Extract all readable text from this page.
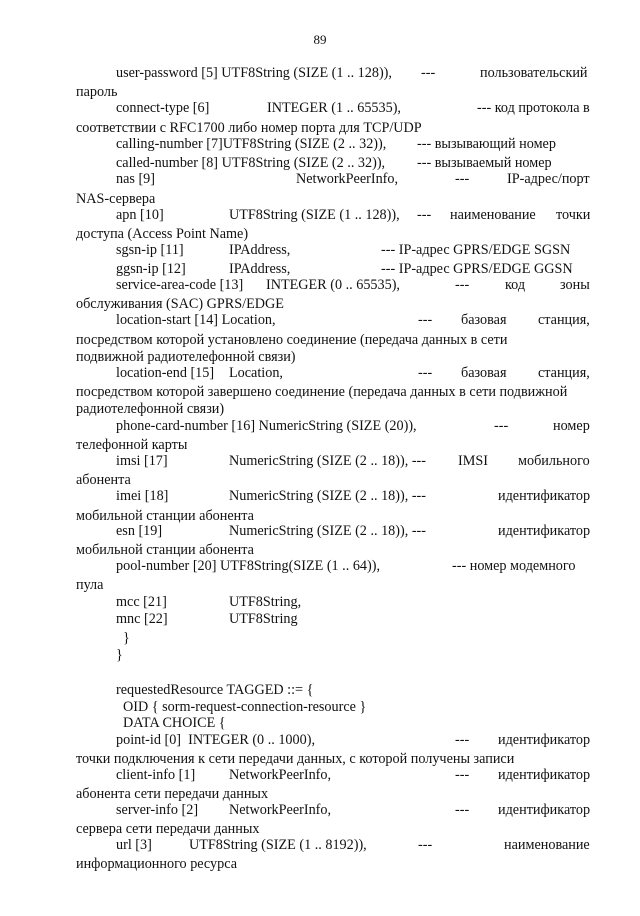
89
user-password [5] UTF8String (SIZE (1 .. 128)), ---	пользовательский
пароль
connect-type [6]	INTEGER (1 .. 65535),	--- код протокола в
соответствии с RFC1700 либо номер порта для TCP/UDP
calling-number [7]UTF8String (SIZE (2 .. 32)), --- вызывающий номер
called-number [8] UTF8String (SIZE (2 .. 32)), --- вызываемый номер
nas [9]	NetworkPeerInfo,	---	IP-адрес/порт
NAS-сервера
apn [10]	UTF8String (SIZE (1 .. 128)), --- наименование точки
доступа (Access Point Name)
sgsn-ip [11]	IPAddress,	--- IP-адрес GPRS/EDGE SGSN
ggsn-ip [12]	IPAddress,	--- IP-адрес GPRS/EDGE GGSN
service-area-code [13] INTEGER (0 .. 65535),	---	код зоны
обслуживания (SAC) GPRS/EDGE
location-start [14] Location,	--- базовая станция,
посредством которой установлено соединение (передача данных в сети
подвижной радиотелефонной связи)
location-end [15] Location,	--- базовая станция,
посредством которой завершено соединение (передача данных в сети подвижной
радиотелефонной связи)
phone-card-number [16] NumericString (SIZE (20)),	---	номер
телефонной карты
imsi [17]	NumericString (SIZE (2 .. 18)), --- IMSI мобильного
абонента
imei [18]	NumericString (SIZE (2 .. 18)), ---	идентификатор
мобильной станции абонента
esn [19]	NumericString (SIZE (2 .. 18)), ---	идентификатор
мобильной станции абонента
pool-number [20] UTF8String(SIZE (1 .. 64)),	--- номер модемного
пула
mcc [21]	UTF8String,
mnc [22]	UTF8String
}
}
requestedResource TAGGED ::= {
OID { sorm-request-connection-resource }
DATA CHOICE {
point-id [0]  INTEGER (0 .. 1000),	--- идентификатор
точки подключения к сети передачи данных, с которой получены записи
client-info [1] NetworkPeerInfo,	--- идентификатор
абонента сети передачи данных
server-info [2] NetworkPeerInfo,	--- идентификатор
сервера сети передачи данных
url [3]	UTF8String (SIZE (1 .. 8192)),	---	наименование
информационного ресурса
